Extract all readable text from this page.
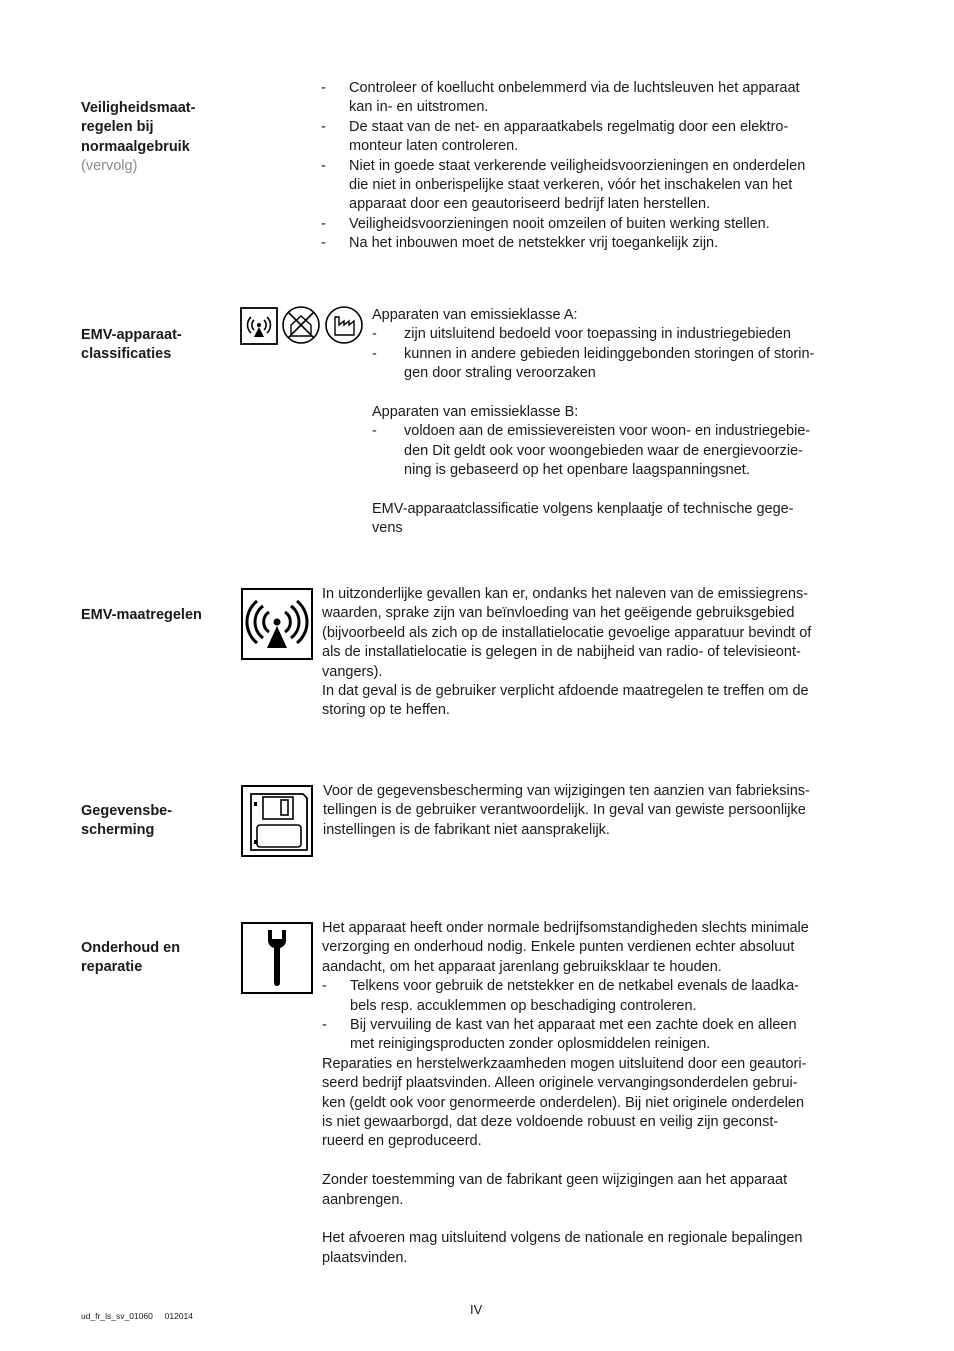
Veiligheidsmaat-
regelen bij
normaalgebruik

(vervolg)

- Controleer of koellucht onbelemmerd via de luchtsleuven het apparaat
kan in- en uitstromen.
- De staat van de net- en apparaatkabels regelmatig door een elektro-
monteur laten controleren.
- Niet in goede staat verkerende veiligheidsvoorzieningen en onderdelen
die niet in onberispelijke staat verkeren, vóór het inschakelen van het
apparaat door een geautoriseerd bedrijf laten herstellen.
- Veiligheidsvoorzieningen nooit omzeilen of buiten werking stellen.
- Na het inbouwen moet de netstekker vrij toegankelijk zijn.

EMV-apparaat-
classificaties

Apparaten van emissieklasse A:

- zijn uitsluitend bedoeld voor toepassing in industriegebieden
- kunnen in andere gebieden leidinggebonden storingen of storin-
gen door straling veroorzaken

Apparaten van emissieklasse B:

- voldoen aan de emissievereisten voor woon- en industriegebie-
den Dit geldt ook voor woongebieden waar de energievoorzie-
ning is gebaseerd op het openbare laagspanningsnet.

EMV-apparaatclassificatie volgens kenplaatje of technische gege-
vens

EMV-maatregelen

In uitzonderlijke gevallen kan er, ondanks het naleven van de emissiegrens-
waarden, sprake zijn van beïnvloeding van het geëigende gebruiksgebied
(bijvoorbeeld als zich op de installatielocatie gevoelige apparatuur bevindt of
als de installatielocatie is gelegen in de nabijheid van radio- of televisieont-
vangers).

In dat geval is de gebruiker verplicht afdoende maatregelen te treffen om de
storing op te heffen.

Gegevensbe-
scherming

Voor de gegevensbescherming van wijzigingen ten aanzien van fabrieksins-
tellingen is de gebruiker verantwoordelijk. In geval van gewiste persoonlijke
instellingen is de fabrikant niet aansprakelijk.

Onderhoud en
reparatie

Het apparaat heeft onder normale bedrijfsomstandigheden slechts minimale
verzorging en onderhoud nodig. Enkele punten verdienen echter absoluut
aandacht, om het apparaat jarenlang gebruiksklaar te houden.

- Telkens voor gebruik de netstekker en de netkabel evenals de laadka-
bels resp. accuklemmen op beschadiging controleren.
- Bij vervuiling de kast van het apparaat met een zachte doek en alleen
met reinigingsproducten zonder oplosmiddelen reinigen.

Reparaties en herstelwerkzaamheden mogen uitsluitend door een geautori-
seerd bedrijf plaatsvinden. Alleen originele vervangingsonderdelen gebrui-
ken (geldt ook voor genormeerde onderdelen). Bij niet originele onderdelen
is niet gewaarborgd, dat deze voldoende robuust en veilig zijn geconst-
rueerd en geproduceerd.

Zonder toestemming van de fabrikant geen wijzigingen aan het apparaat
aanbrengen.

Het afvoeren mag uitsluitend volgens de nationale en regionale bepalingen
plaatsvinden.

ud_fr_ls_sv_01060     012014	IV
